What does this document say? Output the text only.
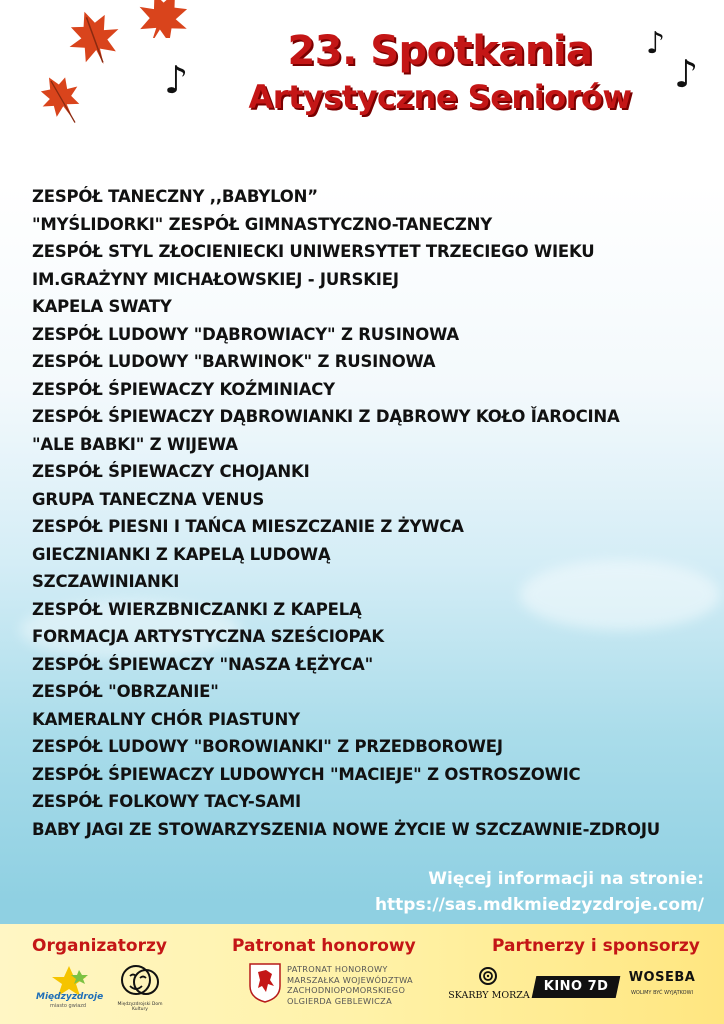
♪
♪
♪
23. Spotkania
Artystyczne Seniorów
ZESPÓŁ TANECZNY ,,BABYLON”
"MYŚLIDORKI" ZESPÓŁ GIMNASTYCZNO-TANECZNY
ZESPÓŁ STYL ZŁOCIENIECKI UNIWERSYTET TRZECIEGO WIEKU
IM.GRAŻYNY MICHAŁOWSKIEJ - JURSKIEJ
KAPELA SWATY
ZESPÓŁ LUDOWY "DĄBROWIACY" Z RUSINOWA
ZESPÓŁ LUDOWY "BARWINOK" Z RUSINOWA
ZESPÓŁ ŚPIEWACZY KOŹMINIACY
ZESPÓŁ ŚPIEWACZY DĄBROWIANKI Z DĄBROWY KOŁO ǏAROCINA
"ALE BABKI" Z WIJEWA
ZESPÓŁ ŚPIEWACZY CHOJANKI
GRUPA TANECZNA VENUS
ZESPÓŁ PIESNI I TAŃCA MIESZCZANIE Z ŻYWCA
GIECZNIANKI Z KAPELĄ LUDOWĄ
SZCZAWINIANKI
ZESPÓŁ WIERZBNICZANKI Z KAPELĄ
FORMACJA ARTYSTYCZNA SZEŚCIOPAK
ZESPÓŁ ŚPIEWACZY "NASZA ŁĘŻYCA"
ZESPÓŁ "OBRZANIE"
KAMERALNY CHÓR PIASTUNY
ZESPÓŁ LUDOWY "BOROWIANKI" Z PRZEDBOROWEJ
ZESPÓŁ ŚPIEWACZY LUDOWYCH "MACIEJE" Z OSTROSZOWIC
ZESPÓŁ FOLKOWY TACY-SAMI
BABY JAGI ZE STOWARZYSZENIA NOWE ŻYCIE W SZCZAWNIE-ZDROJU
Więcej informacji na stronie:
https://sas.mdkmiedzyzdroje.com/
Organizatorzy	Patronat honorowy	Partnerzy i sponsorzy
Międzyzdroje
miasto gwiazd	Międzyzdrojski Dom Kultury
PATRONAT HONOROWY
MARSZAŁKA WOJEWÓDZTWA
ZACHODNIOPOMORSKIEGO
OLGIERDA GEBLEWICZA	SKARBY MORZA
KINO 7D
WOSEBA
WOLIMY BYĆ WYJĄTKOWI
